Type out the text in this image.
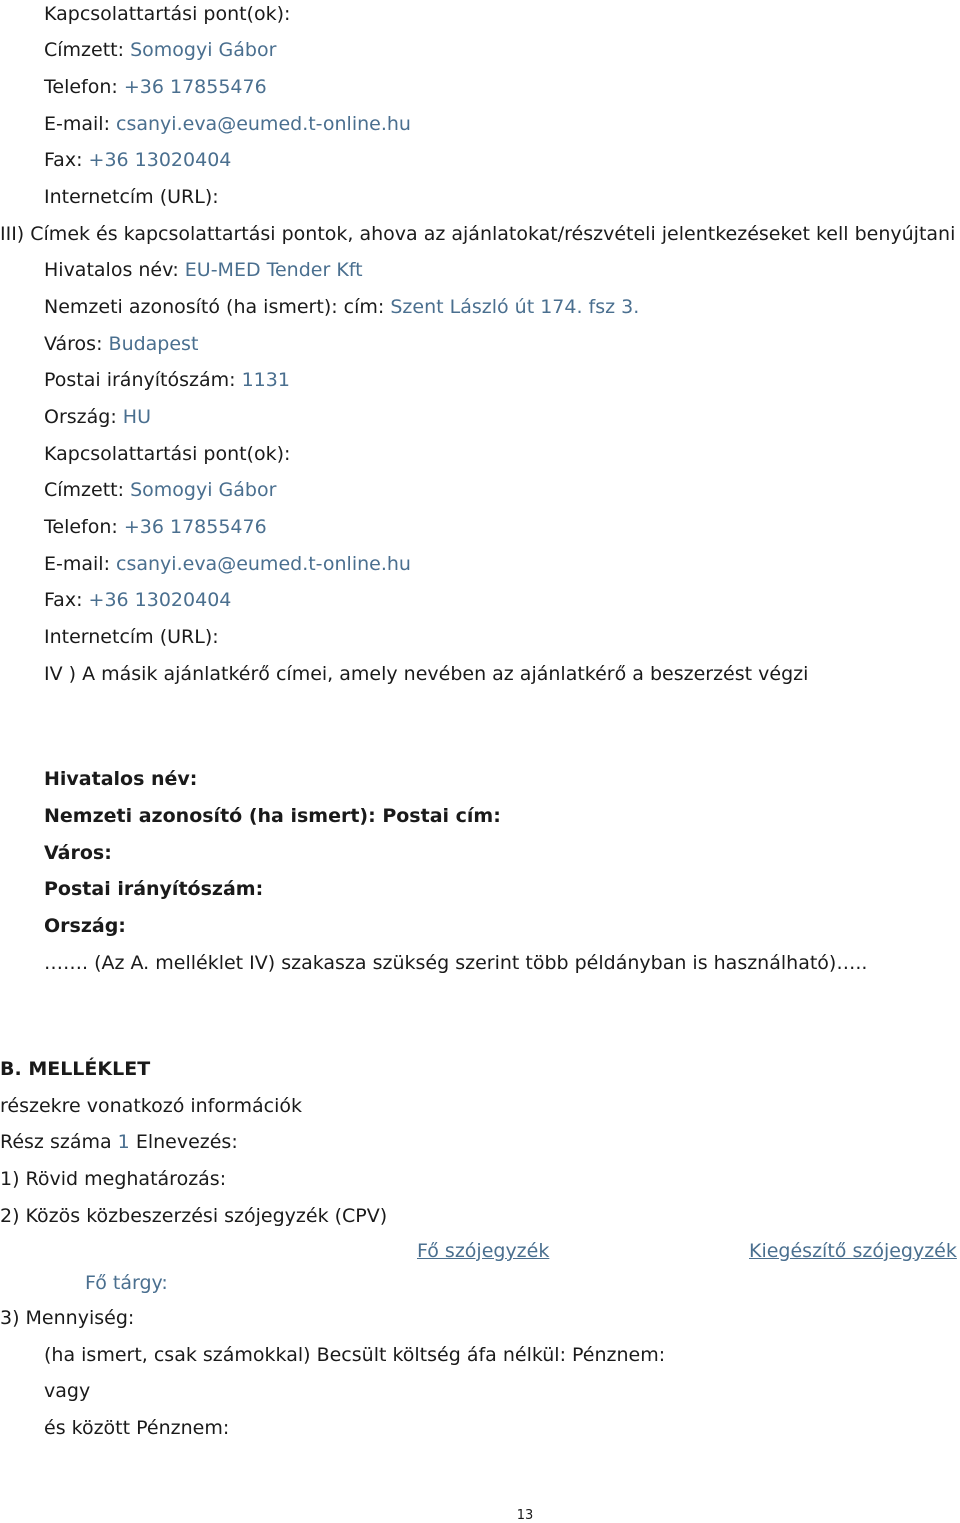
Kapcsolattartási pont(ok):
Címzett: Somogyi Gábor
Telefon: +36 17855476
E-mail: csanyi.eva@eumed.t-online.hu
Fax: +36 13020404
Internetcím (URL):
III) Címek és kapcsolattartási pontok, ahova az ajánlatokat/részvételi jelentkezéseket kell benyújtani
Hivatalos név: EU-MED Tender Kft
Nemzeti azonosító (ha ismert): cím: Szent László út 174. fsz 3.
Város: Budapest
Postai irányítószám: 1131
Ország: HU
Kapcsolattartási pont(ok):
Címzett: Somogyi Gábor
Telefon: +36 17855476
E-mail: csanyi.eva@eumed.t-online.hu
Fax: +36 13020404
Internetcím (URL):
IV ) A másik ajánlatkérő címei, amely nevében az ajánlatkérő a beszerzést végzi
Hivatalos név:
Nemzeti azonosító (ha ismert): Postai cím:
Város:
Postai irányítószám:
Ország:
……. (Az A. melléklet IV) szakasza szükség szerint több példányban is használható)…..
B. MELLÉKLET
részekre vonatkozó információk
Rész száma 1 Elnevezés:
1) Rövid meghatározás:
2) Közös közbeszerzési szójegyzék (CPV)
Fő szójegyzék	Kiegészítő szójegyzék
Fő tárgy:
3) Mennyiség:
(ha ismert, csak számokkal) Becsült költség áfa nélkül: Pénznem:
vagy
és között Pénznem:
13
